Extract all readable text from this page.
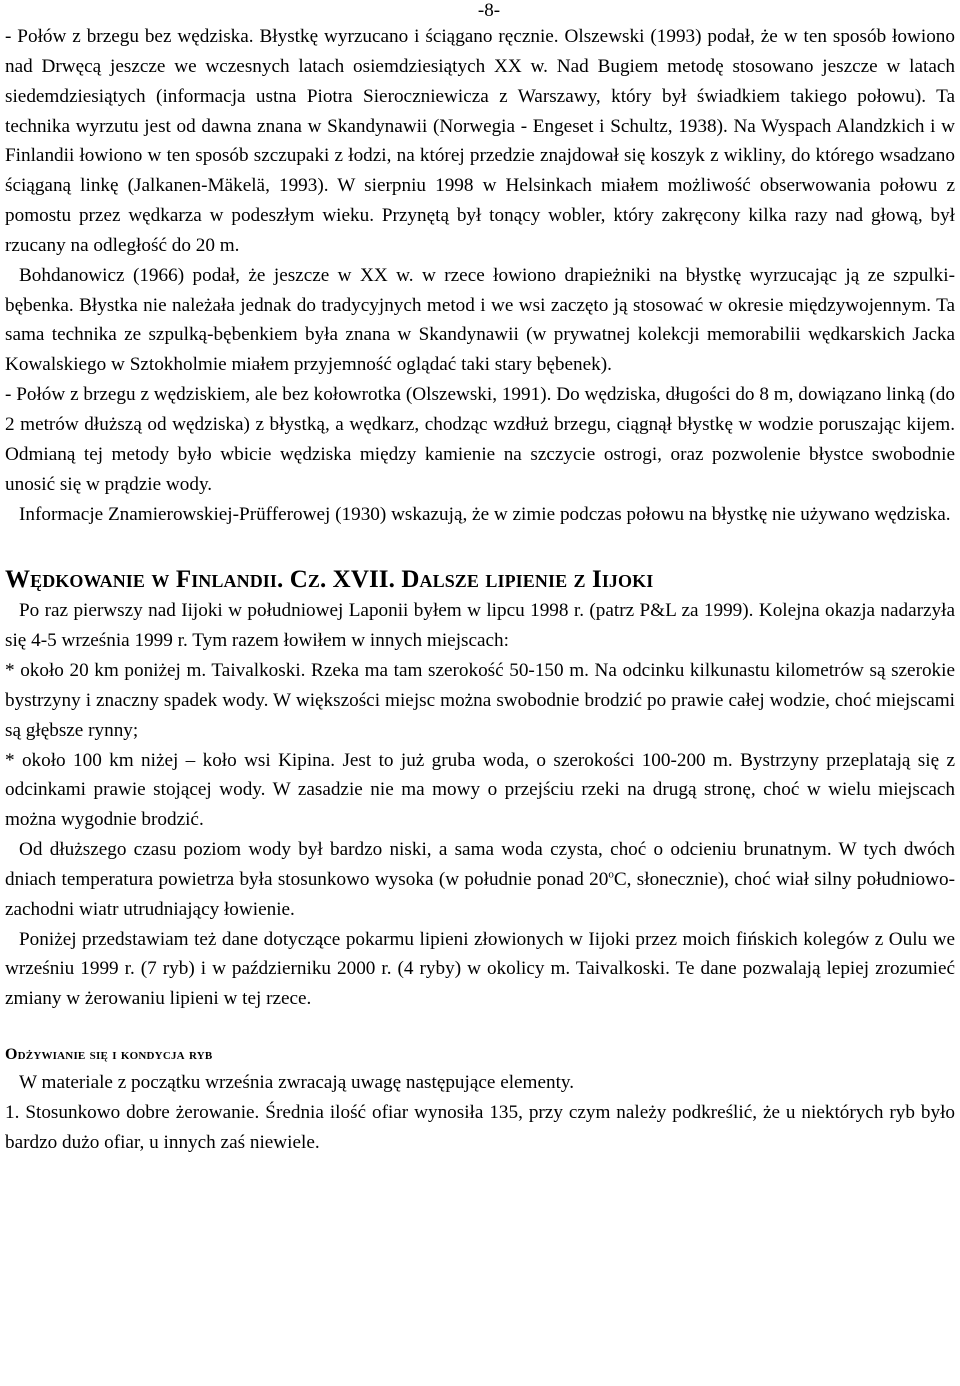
-8-

- Połów z brzegu bez wędziska. Błystkę wyrzucano i ściągano ręcznie. Olszewski (1993) podał, że w ten sposób łowiono nad Drwęcą jeszcze we wczesnych latach osiemdziesiątych XX w. Nad Bugiem metodę stosowano jeszcze w latach siedemdziesiątych (informacja ustna Piotra Sieroczniewicza z Warszawy, który był świadkiem takiego połowu). Ta technika wyrzutu jest od dawna znana w Skandynawii (Norwegia - Engeset i Schultz, 1938). Na Wyspach Alandzkich i w Finlandii łowiono w ten sposób szczupaki z łodzi, na której przedzie znajdował się koszyk z wikliny, do którego wsadzano ściąganą linkę (Jalkanen-Mäkelä, 1993). W sierpniu 1998 w Helsinkach miałem możliwość obserwowania połowu z pomostu przez wędkarza w podeszłym wieku. Przynętą był tonący wobler, który zakręcony kilka razy nad głową, był rzucany na odległość do 20 m.

Bohdanowicz (1966) podał, że jeszcze w XX w. w rzece łowiono drapieżniki na błystkę wyrzucając ją ze szpulki-bębenka. Błystka nie należała jednak do tradycyjnych metod i we wsi zaczęto ją stosować w okresie międzywojennym. Ta sama technika ze szpulką-bębenkiem była znana w Skandynawii (w prywatnej kolekcji memorabilii wędkarskich Jacka Kowalskiego w Sztokholmie miałem przyjemność oglądać taki stary bębenek).

- Połów z brzegu z wędziskiem, ale bez kołowrotka (Olszewski, 1991). Do wędziska, długości do 8 m, dowiązano linką (do 2 metrów dłuższą od wędziska) z błystką, a wędkarz, chodząc wzdłuż brzegu, ciągnął błystkę w wodzie poruszając kijem. Odmianą tej metody było wbicie wędziska między kamienie na szczycie ostrogi, oraz pozwolenie błystce swobodnie unosić się w prądzie wody.

Informacje Znamierowskiej-Prüfferowej (1930) wskazują, że w zimie podczas połowu na błystkę nie używano wędziska.

Wędkowanie w Finlandii. Cz. XVII. Dalsze lipienie z Iijoki

Po raz pierwszy nad Iijoki w południowej Laponii byłem w lipcu 1998 r. (patrz P&L za 1999). Kolejna okazja nadarzyła się 4-5 września 1999 r. Tym razem łowiłem w innych miejscach:

* około 20 km poniżej m. Taivalkoski. Rzeka ma tam szerokość 50-150 m. Na odcinku kilkunastu kilometrów są szerokie bystrzyny i znaczny spadek wody. W większości miejsc można swobodnie brodzić po prawie całej wodzie, choć miejscami są głębsze rynny;

* około 100 km niżej – koło wsi Kipina. Jest to już gruba woda, o szerokości 100-200 m. Bystrzyny przeplatają się z odcinkami prawie stojącej wody. W zasadzie nie ma mowy o przejściu rzeki na drugą stronę, choć w wielu miejscach można wygodnie brodzić.

Od dłuższego czasu poziom wody był bardzo niski, a sama woda czysta, choć o odcieniu brunatnym. W tych dwóch dniach temperatura powietrza była stosunkowo wysoka (w południe ponad 20$^o$C, słonecznie), choć wiał silny południowo-zachodni wiatr utrudniający łowienie.

Poniżej przedstawiam też dane dotyczące pokarmu lipieni złowionych w Iijoki przez moich fińskich kolegów z Oulu we wrześniu 1999 r. (7 ryb) i w październiku 2000 r. (4 ryby) w okolicy m. Taivalkoski. Te dane pozwalają lepiej zrozumieć zmiany w żerowaniu lipieni w tej rzece.

Odżywianie się i kondycja ryb

W materiale z początku września zwracają uwagę następujące elementy.

1. Stosunkowo dobre żerowanie. Średnia ilość ofiar wynosiła 135, przy czym należy podkreślić, że u niektórych ryb było bardzo dużo ofiar, u innych zaś niewiele.
